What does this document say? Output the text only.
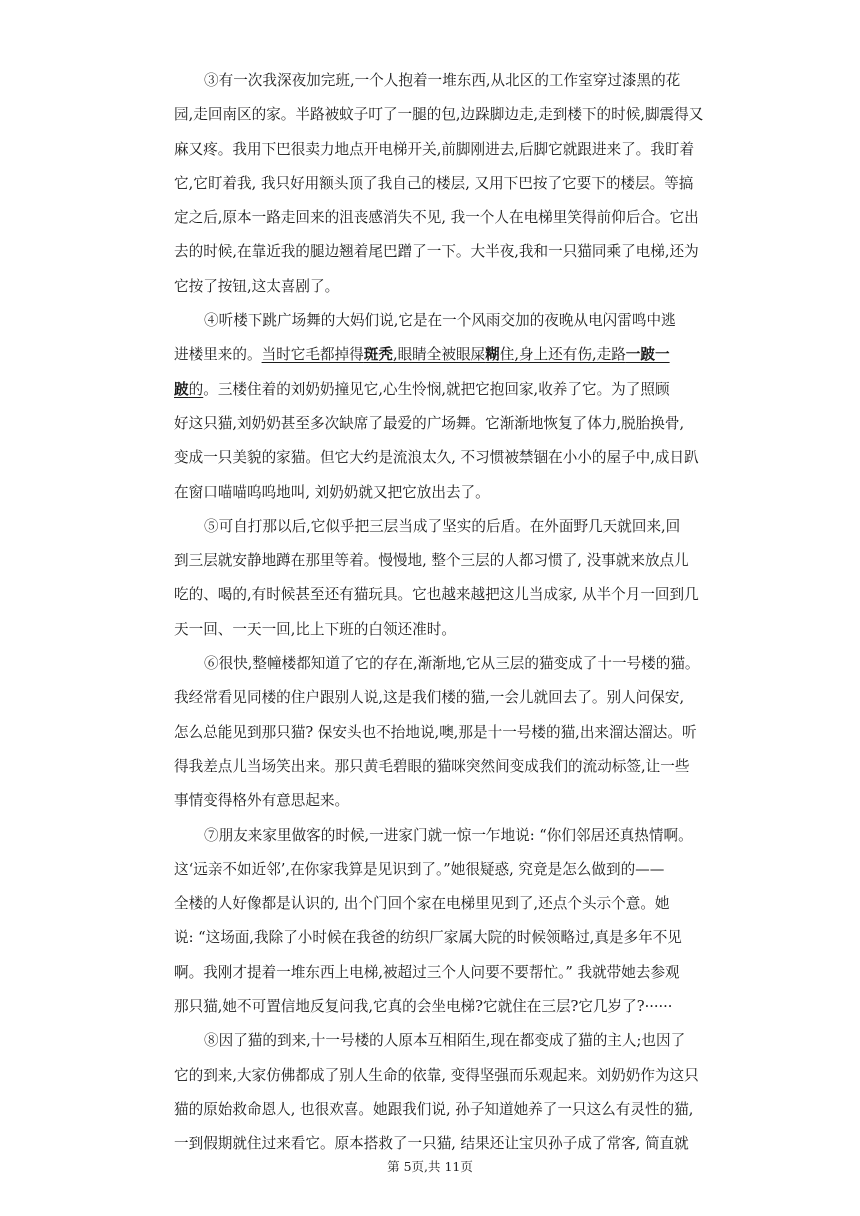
③有一次我深夜加完班,一个人抱着一堆东西,从北区的工作室穿过漆黑的花
园,走回南区的家。半路被蚊子叮了一腿的包,边跺脚边走,走到楼下的时候,脚震得又
麻又疼。我用下巴很卖力地点开电梯开关,前脚刚进去,后脚它就跟进来了。我盯着
它,它盯着我, 我只好用额头顶了我自己的楼层, 又用下巴按了它要下的楼层。等搞
定之后,原本一路走回来的沮丧感消失不见, 我一个人在电梯里笑得前仰后合。它出
去的时候,在靠近我的腿边翘着尾巴蹭了一下。大半夜,我和一只猫同乘了电梯,还为
它按了按钮,这太喜剧了。
④听楼下跳广场舞的大妈们说,它是在一个风雨交加的夜晚从电闪雷鸣中逃
进楼里来的。当时它毛都掉得斑秃,眼睛全被眼屎糊住,身上还有伤,走路一跛一
跛的。三楼住着的刘奶奶撞见它,心生怜悯,就把它抱回家,收养了它。为了照顾
好这只猫,刘奶奶甚至多次缺席了最爱的广场舞。它渐渐地恢复了体力,脱胎换骨,
变成一只美貌的家猫。但它大约是流浪太久, 不习惯被禁锢在小小的屋子中,成日趴
在窗口喵喵呜呜地叫, 刘奶奶就又把它放出去了。
⑤可自打那以后,它似乎把三层当成了坚实的后盾。在外面野几天就回来,回
到三层就安静地蹲在那里等着。慢慢地, 整个三层的人都习惯了, 没事就来放点儿
吃的、喝的,有时候甚至还有猫玩具。它也越来越把这儿当成家, 从半个月一回到几
天一回、一天一回,比上下班的白领还准时。
⑥很快,整幢楼都知道了它的存在,渐渐地,它从三层的猫变成了十一号楼的猫。
我经常看见同楼的住户跟别人说,这是我们楼的猫,一会儿就回去了。别人问保安,
怎么总能见到那只猫? 保安头也不抬地说,噢,那是十一号楼的猫,出来溜达溜达。听
得我差点儿当场笑出来。那只黄毛碧眼的猫咪突然间变成我们的流动标签,让一些
事情变得格外有意思起来。
⑦朋友来家里做客的时候,一进家门就一惊一乍地说: “你们邻居还真热情啊。
这‘远亲不如近邻’,在你家我算是见识到了。”她很疑惑, 究竟是怎么做到的——
全楼的人好像都是认识的, 出个门回个家在电梯里见到了,还点个头示个意。她
说: “这场面,我除了小时候在我爸的纺织厂家属大院的时候领略过,真是多年不见
啊。我刚才提着一堆东西上电梯,被超过三个人问要不要帮忙。” 我就带她去参观
那只猫,她不可置信地反复问我,它真的会坐电梯?它就住在三层?它几岁了?······
⑧因了猫的到来,十一号楼的人原本互相陌生,现在都变成了猫的主人;也因了
它的到来,大家仿佛都成了别人生命的依靠, 变得坚强而乐观起来。刘奶奶作为这只
猫的原始救命恩人, 也很欢喜。她跟我们说, 孙子知道她养了一只这么有灵性的猫,
一到假期就住过来看它。原本搭救了一只猫, 结果还让宝贝孙子成了常客, 简直就
第 5页,共 11页
